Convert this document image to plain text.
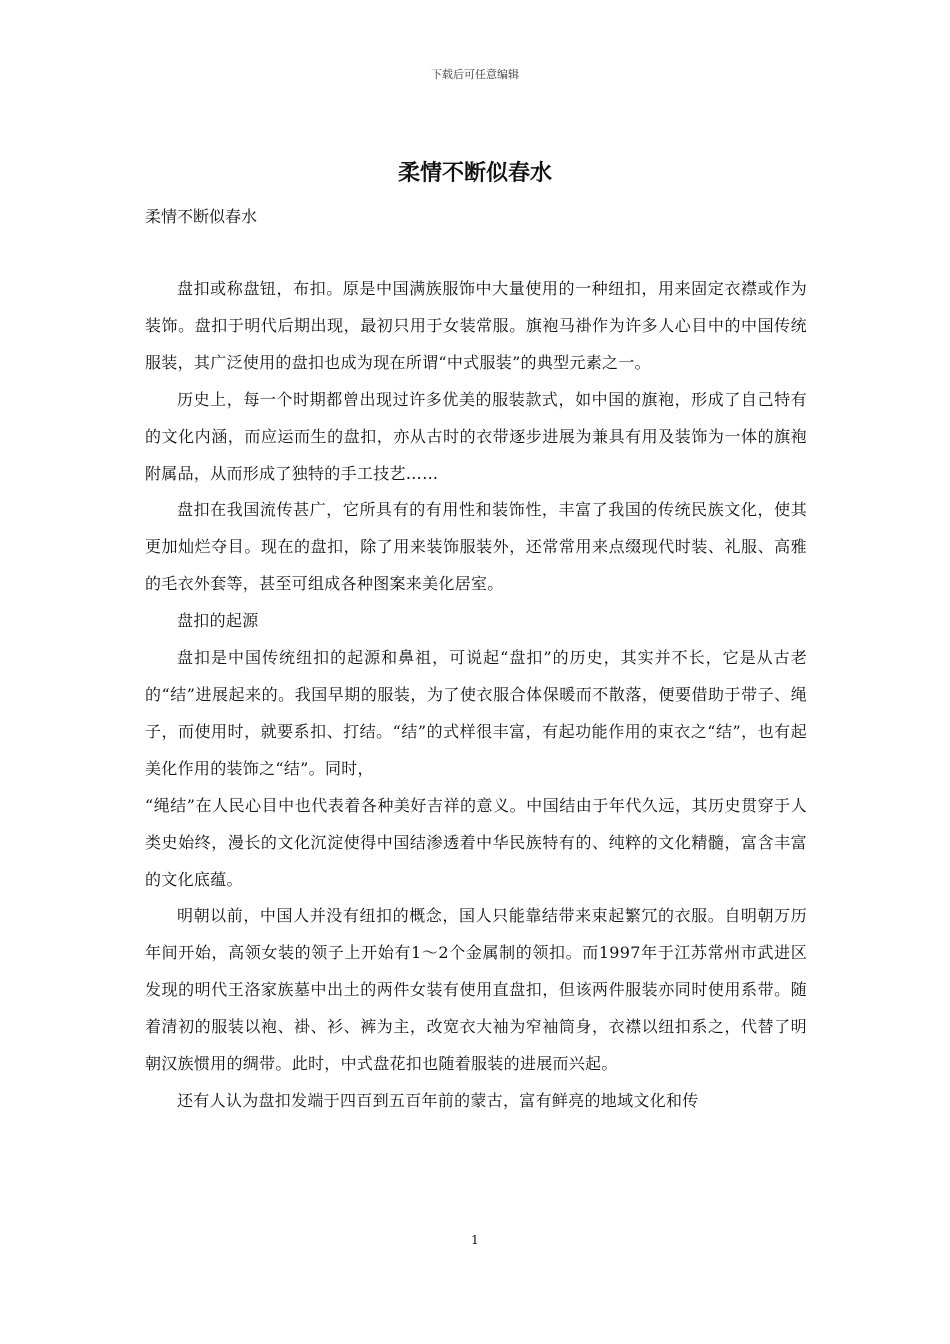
下载后可任意编辑
柔情不断似春水
柔情不断似春水

盘扣或称盘钮，布扣。原是中国满族服饰中大量使用的一种纽扣，用来固定衣襟或作为装饰。盘扣于明代后期出现，最初只用于女装常服。旗袍马褂作为许多人心目中的中国传统服装，其广泛使用的盘扣也成为现在所谓“中式服装”的典型元素之一。

历史上，每一个时期都曾出现过许多优美的服装款式，如中国的旗袍，形成了自己特有的文化内涵，而应运而生的盘扣，亦从古时的衣带逐步进展为兼具有用及装饰为一体的旗袍附属品，从而形成了独特的手工技艺……

盘扣在我国流传甚广，它所具有的有用性和装饰性，丰富了我国的传统民族文化，使其更加灿烂夺目。现在的盘扣，除了用来装饰服装外，还常常用来点缀现代时装、礼服、高雅的毛衣外套等，甚至可组成各种图案来美化居室。

盘扣的起源

盘扣是中国传统纽扣的起源和鼻祖，可说起“盘扣”的历史，其实并不长，它是从古老的“结”进展起来的。我国早期的服装，为了使衣服合体保暖而不散落，便要借助于带子、绳子，而使用时，就要系扣、打结。“结”的式样很丰富，有起功能作用的束衣之“结”，也有起美化作用的装饰之“结”。同时，

“绳结”在人民心目中也代表着各种美好吉祥的意义。中国结由于年代久远，其历史贯穿于人类史始终，漫长的文化沉淀使得中国结渗透着中华民族特有的、纯粹的文化精髓，富含丰富的文化底蕴。

明朝以前，中国人并没有纽扣的概念，国人只能靠结带来束起繁冗的衣服。自明朝万历年间开始，高领女装的领子上开始有1～2个金属制的领扣。而1997年于江苏常州市武进区发现的明代王洛家族墓中出土的两件女装有使用直盘扣，但该两件服装亦同时使用系带。随着清初的服装以袍、褂、衫、裤为主，改宽衣大袖为窄袖筒身，衣襟以纽扣系之，代替了明朝汉族惯用的绸带。此时，中式盘花扣也随着服装的进展而兴起。

还有人认为盘扣发端于四百到五百年前的蒙古，富有鲜亮的地域文化和传

1
